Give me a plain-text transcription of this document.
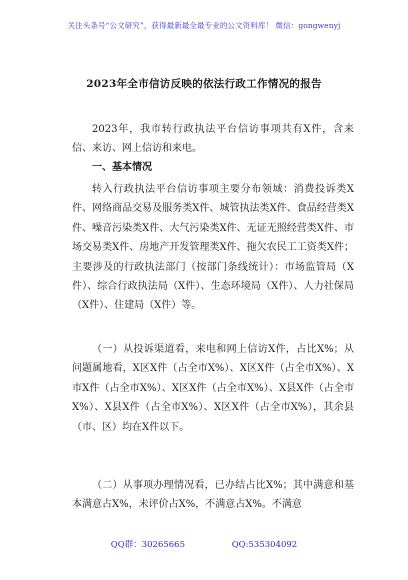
关注头条号“公文研究”，获得最新最全最专业的公文资料库！ 微信：gongwenyj
2023年全市信访反映的依法行政工作情况的报告
2023年，我市转行政执法平台信访事项共有X件，含来信、来访、网上信访和来电。
一、基本情况
转入行政执法平台信访事项主要分布领域：消费投诉类X件、网络商品交易及服务类X件、城管执法类X件、食品经营类X件、噪音污染类X件、大气污染类X件、无证无照经营类X件、市场交易类X件、房地产开发管理类X件、拖欠农民工工资类X件；主要涉及的行政执法部门（按部门条线统计）：市场监管局（X件）、综合行政执法局（X件）、生态环境局（X件）、人力社保局（X件）、住建局（X件）等。
（一）从投诉渠道看，来电和网上信访X件，占比X%；从问题属地看，X区X件（占全市X%）、X区X件（占全市X%）、X市X件（占全市X%）、X区X件（占全市X%）、X县X件（占全市X%）、X县X件（占全市X%）、X区X件（占全市X%），其余县（市、区）均在X件以下。
（二）从事项办理情况看，已办结占比X%；其中满意和基本满意占X%，未评价占X%，不满意占X%。不满意
QQ群：30265665	QQ:535304092
